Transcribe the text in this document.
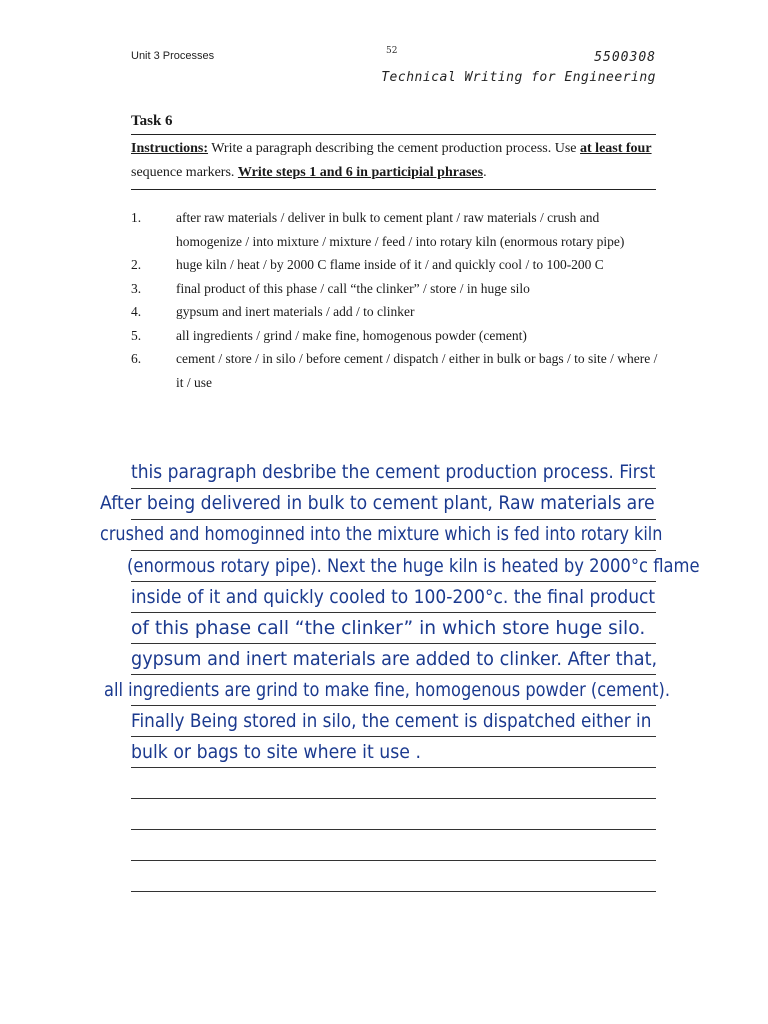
Unit 3 Processes	52	5500308
Technical Writing for Engineering
Task 6
Instructions: Write a paragraph describing the cement production process. Use at least four sequence markers. Write steps 1 and 6 in participial phrases.
1.	after raw materials / deliver in bulk to cement plant / raw materials / crush and homogenize / into mixture / mixture / feed / into rotary kiln (enormous rotary pipe)
2.	huge kiln / heat / by 2000 C flame inside of it / and quickly cool / to 100-200 C
3.	final product of this phase / call “the clinker” / store / in huge silo
4.	gypsum and inert materials / add / to clinker
5.	all ingredients / grind / make fine, homogenous powder (cement)
6.	cement / store / in silo / before cement / dispatch / either in bulk or bags / to site / where / it / use
this paragraph desbribe the cement production process. First
After being delivered in bulk to cement plant, Raw materials are
crushed and homoginned into the mixture which is fed into rotary kiln
(enormous rotary pipe). Next the huge kiln is heated by 2000°c flame
inside of it and quickly cooled to 100-200°c. the final product
of this phase call “the clinker” in which store huge silo.
gypsum and inert materials are added to clinker. After that,
all ingredients are grind to make fine, homogenous powder (cement).
Finally Being stored in silo, the cement is dispatched either in
bulk or bags to site where it use .
